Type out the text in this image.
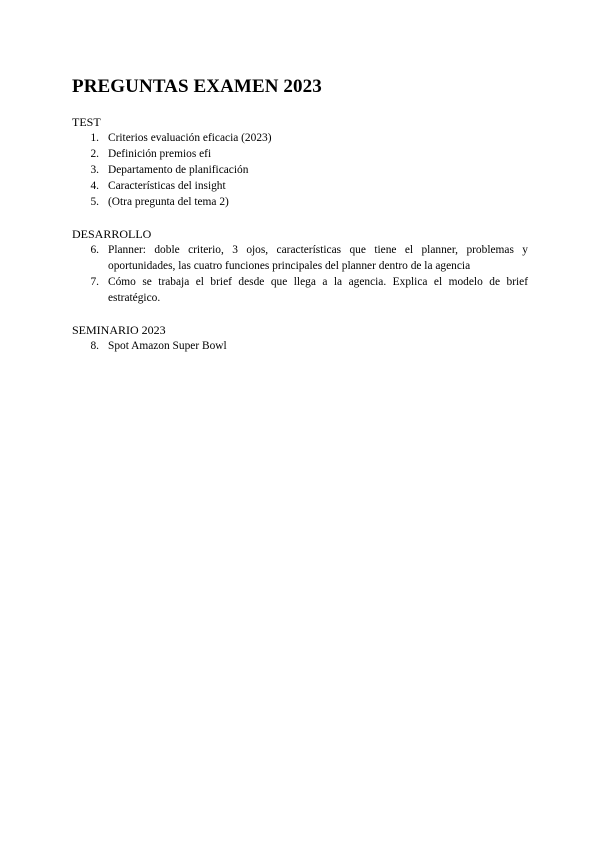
PREGUNTAS EXAMEN 2023

TEST

1. Criterios evaluación eficacia (2023)
2. Definición premios efi
3. Departamento de planificación
4. Características del insight
5. (Otra pregunta del tema 2)

DESARROLLO

6. Planner: doble criterio, 3 ojos, características que tiene el planner, problemas y oportunidades, las cuatro funciones principales del planner dentro de la agencia
7. Cómo se trabaja el brief desde que llega a la agencia. Explica el modelo de brief estratégico.

SEMINARIO 2023

8. Spot Amazon Super Bowl
